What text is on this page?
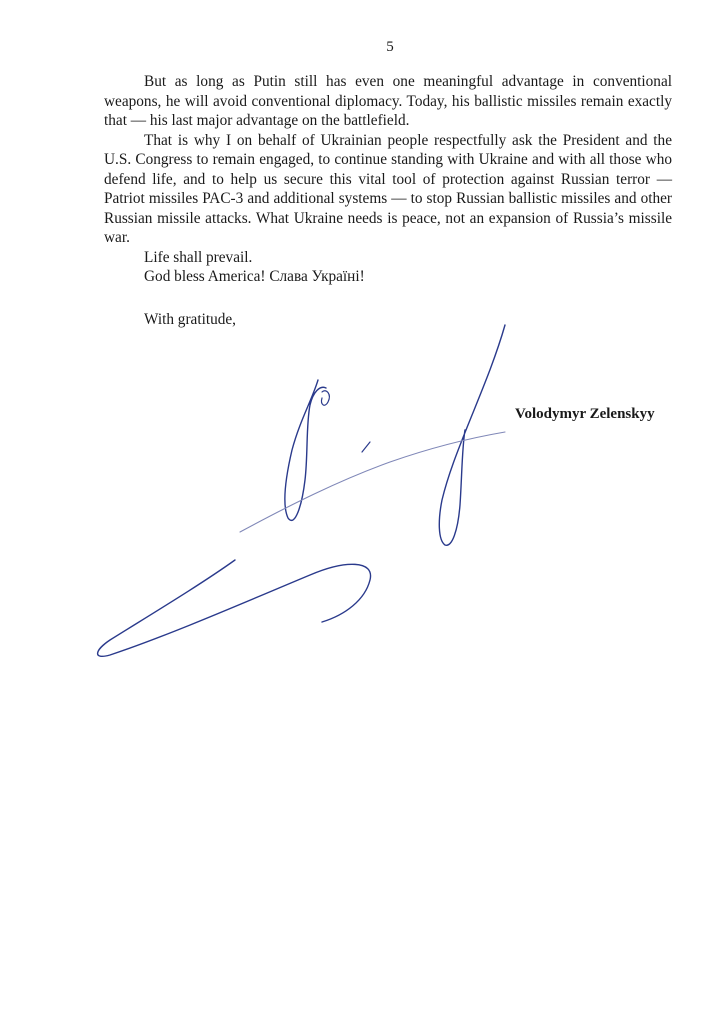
5

But as long as Putin still has even one meaningful advantage in conventional weapons, he will avoid conventional diplomacy. Today, his ballistic missiles remain exactly that — his last major advantage on the battlefield.

That is why I on behalf of Ukrainian people respectfully ask the President and the U.S. Congress to remain engaged, to continue standing with Ukraine and with all those who defend life, and to help us secure this vital tool of protection against Russian terror — Patriot missiles PAC-3 and additional systems — to stop Russian ballistic missiles and other Russian missile attacks. What Ukraine needs is peace, not an expansion of Russia’s missile war.

Life shall prevail.

God bless America! Слава Україні!

With gratitude,
Volodymyr Zelenskyy
